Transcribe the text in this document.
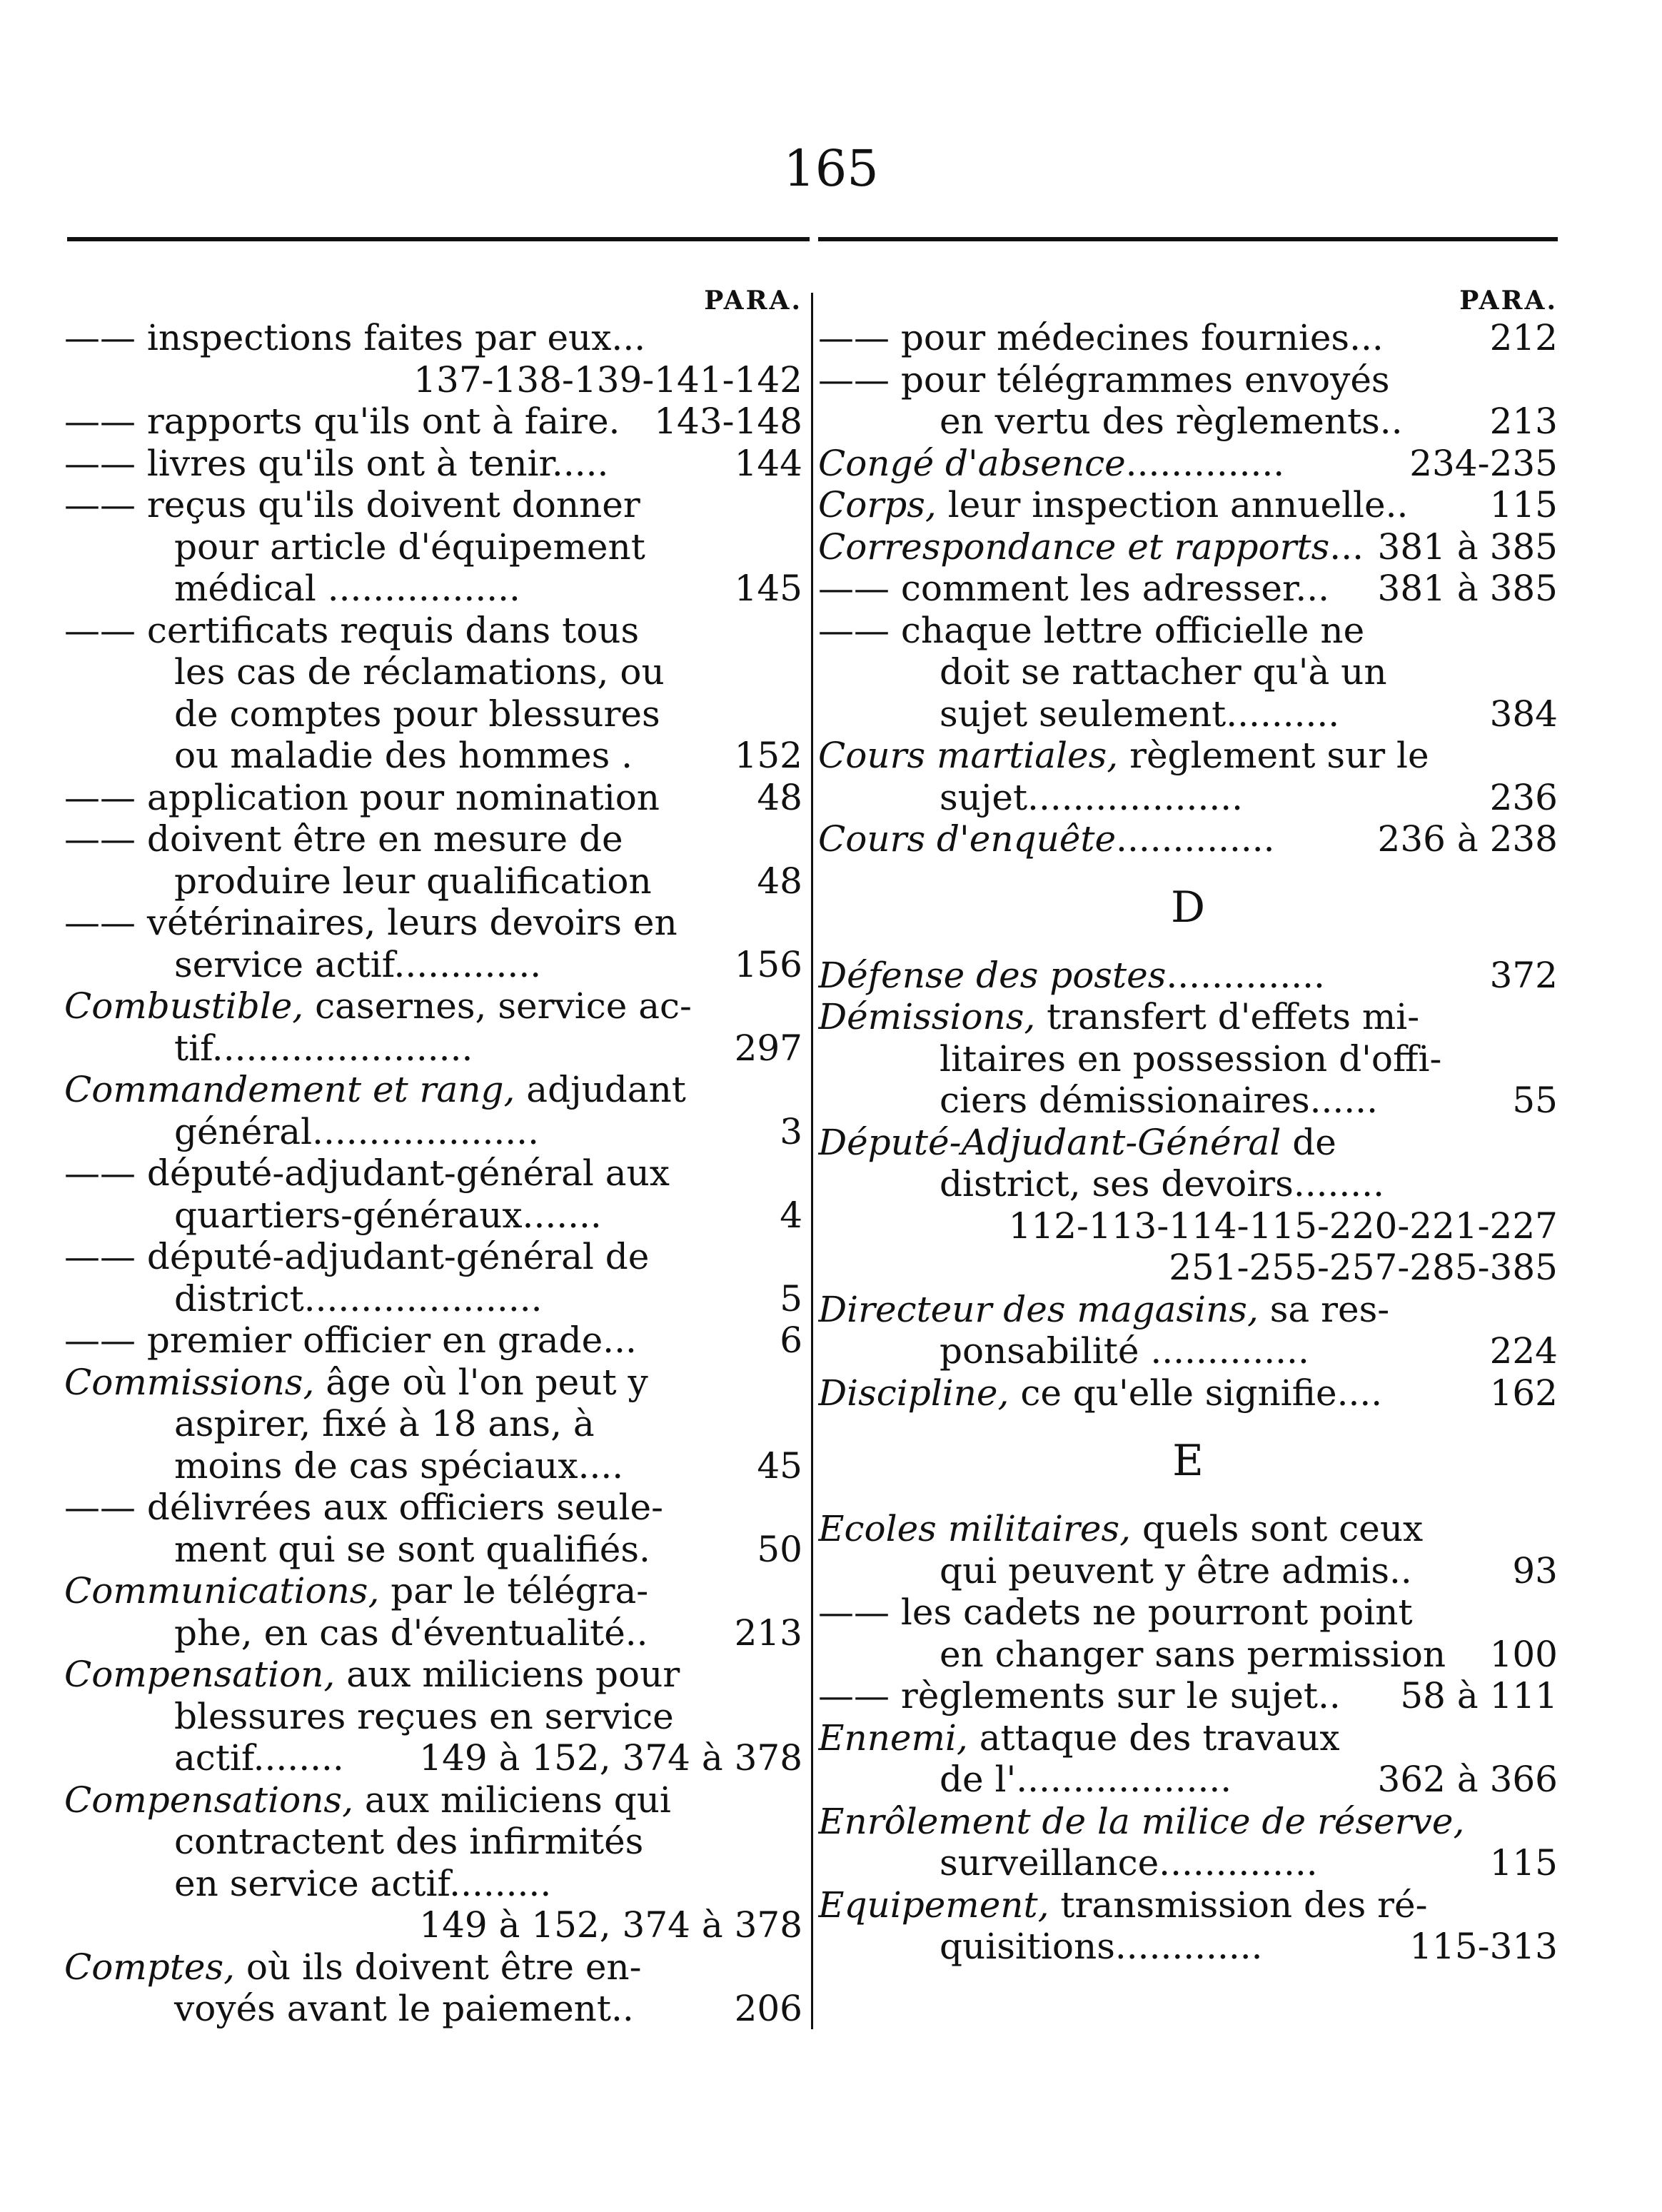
165
PARA.
—— inspections faites par eux...
137-138-139-141-142
—— rapports qu'ils ont à faire. 143-148
—— livres qu'ils ont à tenir.....	144
—— reçus qu'ils doivent donner
pour article d'équipement
médical .................	145
—— certificats requis dans tous
les cas de réclamations, ou
de comptes pour blessures
ou maladie des hommes .	152
—— application pour nomination	48
—— doivent être en mesure de
produire leur qualification	48
—— vétérinaires, leurs devoirs en
service actif.............	156
Combustible, casernes, service ac-
tif.......................	297
Commandement et rang, adjudant
général....................	3
—— député-adjudant-général aux
quartiers-généraux.......	4
—— député-adjudant-général de
district.....................	5
—— premier officier en grade...	6
Commissions, âge où l'on peut y
aspirer, fixé à 18 ans, à
moins de cas spéciaux....	45
—— délivrées aux officiers seule-
ment qui se sont qualifiés.	50
Communications, par le télégra-
phe, en cas d'éventualité.. 213
Compensation, aux miliciens pour
blessures reçues en service
actif........ 149 à 152, 374 à 378
Compensations, aux miliciens qui
contractent des infirmités
en service actif.........
149 à 152, 374 à 378
Comptes, où ils doivent être en-
voyés avant le paiement..	206
PARA.
—— pour médecines fournies...	212
—— pour télégrammes envoyés
en vertu des règlements.. 213
Congé d'absence..............	234-235
Corps, leur inspection annuelle.. 115
Correspondance et rapports... 381 à 385
—— comment les adresser... 381 à 385
—— chaque lettre officielle ne
doit se rattacher qu'à un
sujet seulement..........	384
Cours martiales, règlement sur le
sujet...................	236
Cours d'enquête..............	236 à 238
D
Défense des postes..............	372
Démissions, transfert d'effets mi-
litaires en possession d'offi-
ciers démissionaires......	55
Député-Adjudant-Général de
district, ses devoirs........
112-113-114-115-220-221-227
251-255-257-285-385
Directeur des magasins, sa res-
ponsabilité ..............	224
Discipline, ce qu'elle signifie....	162
E
Ecoles militaires, quels sont ceux
qui peuvent y être admis..	93
—— les cadets ne pourront point
en changer sans permission 100
—— règlements sur le sujet.. 58 à 111
Ennemi, attaque des travaux
de l'...................	362 à 366
Enrôlement de la milice de réserve,
surveillance..............	115
Equipement, transmission des ré-
quisitions.............	115-313
